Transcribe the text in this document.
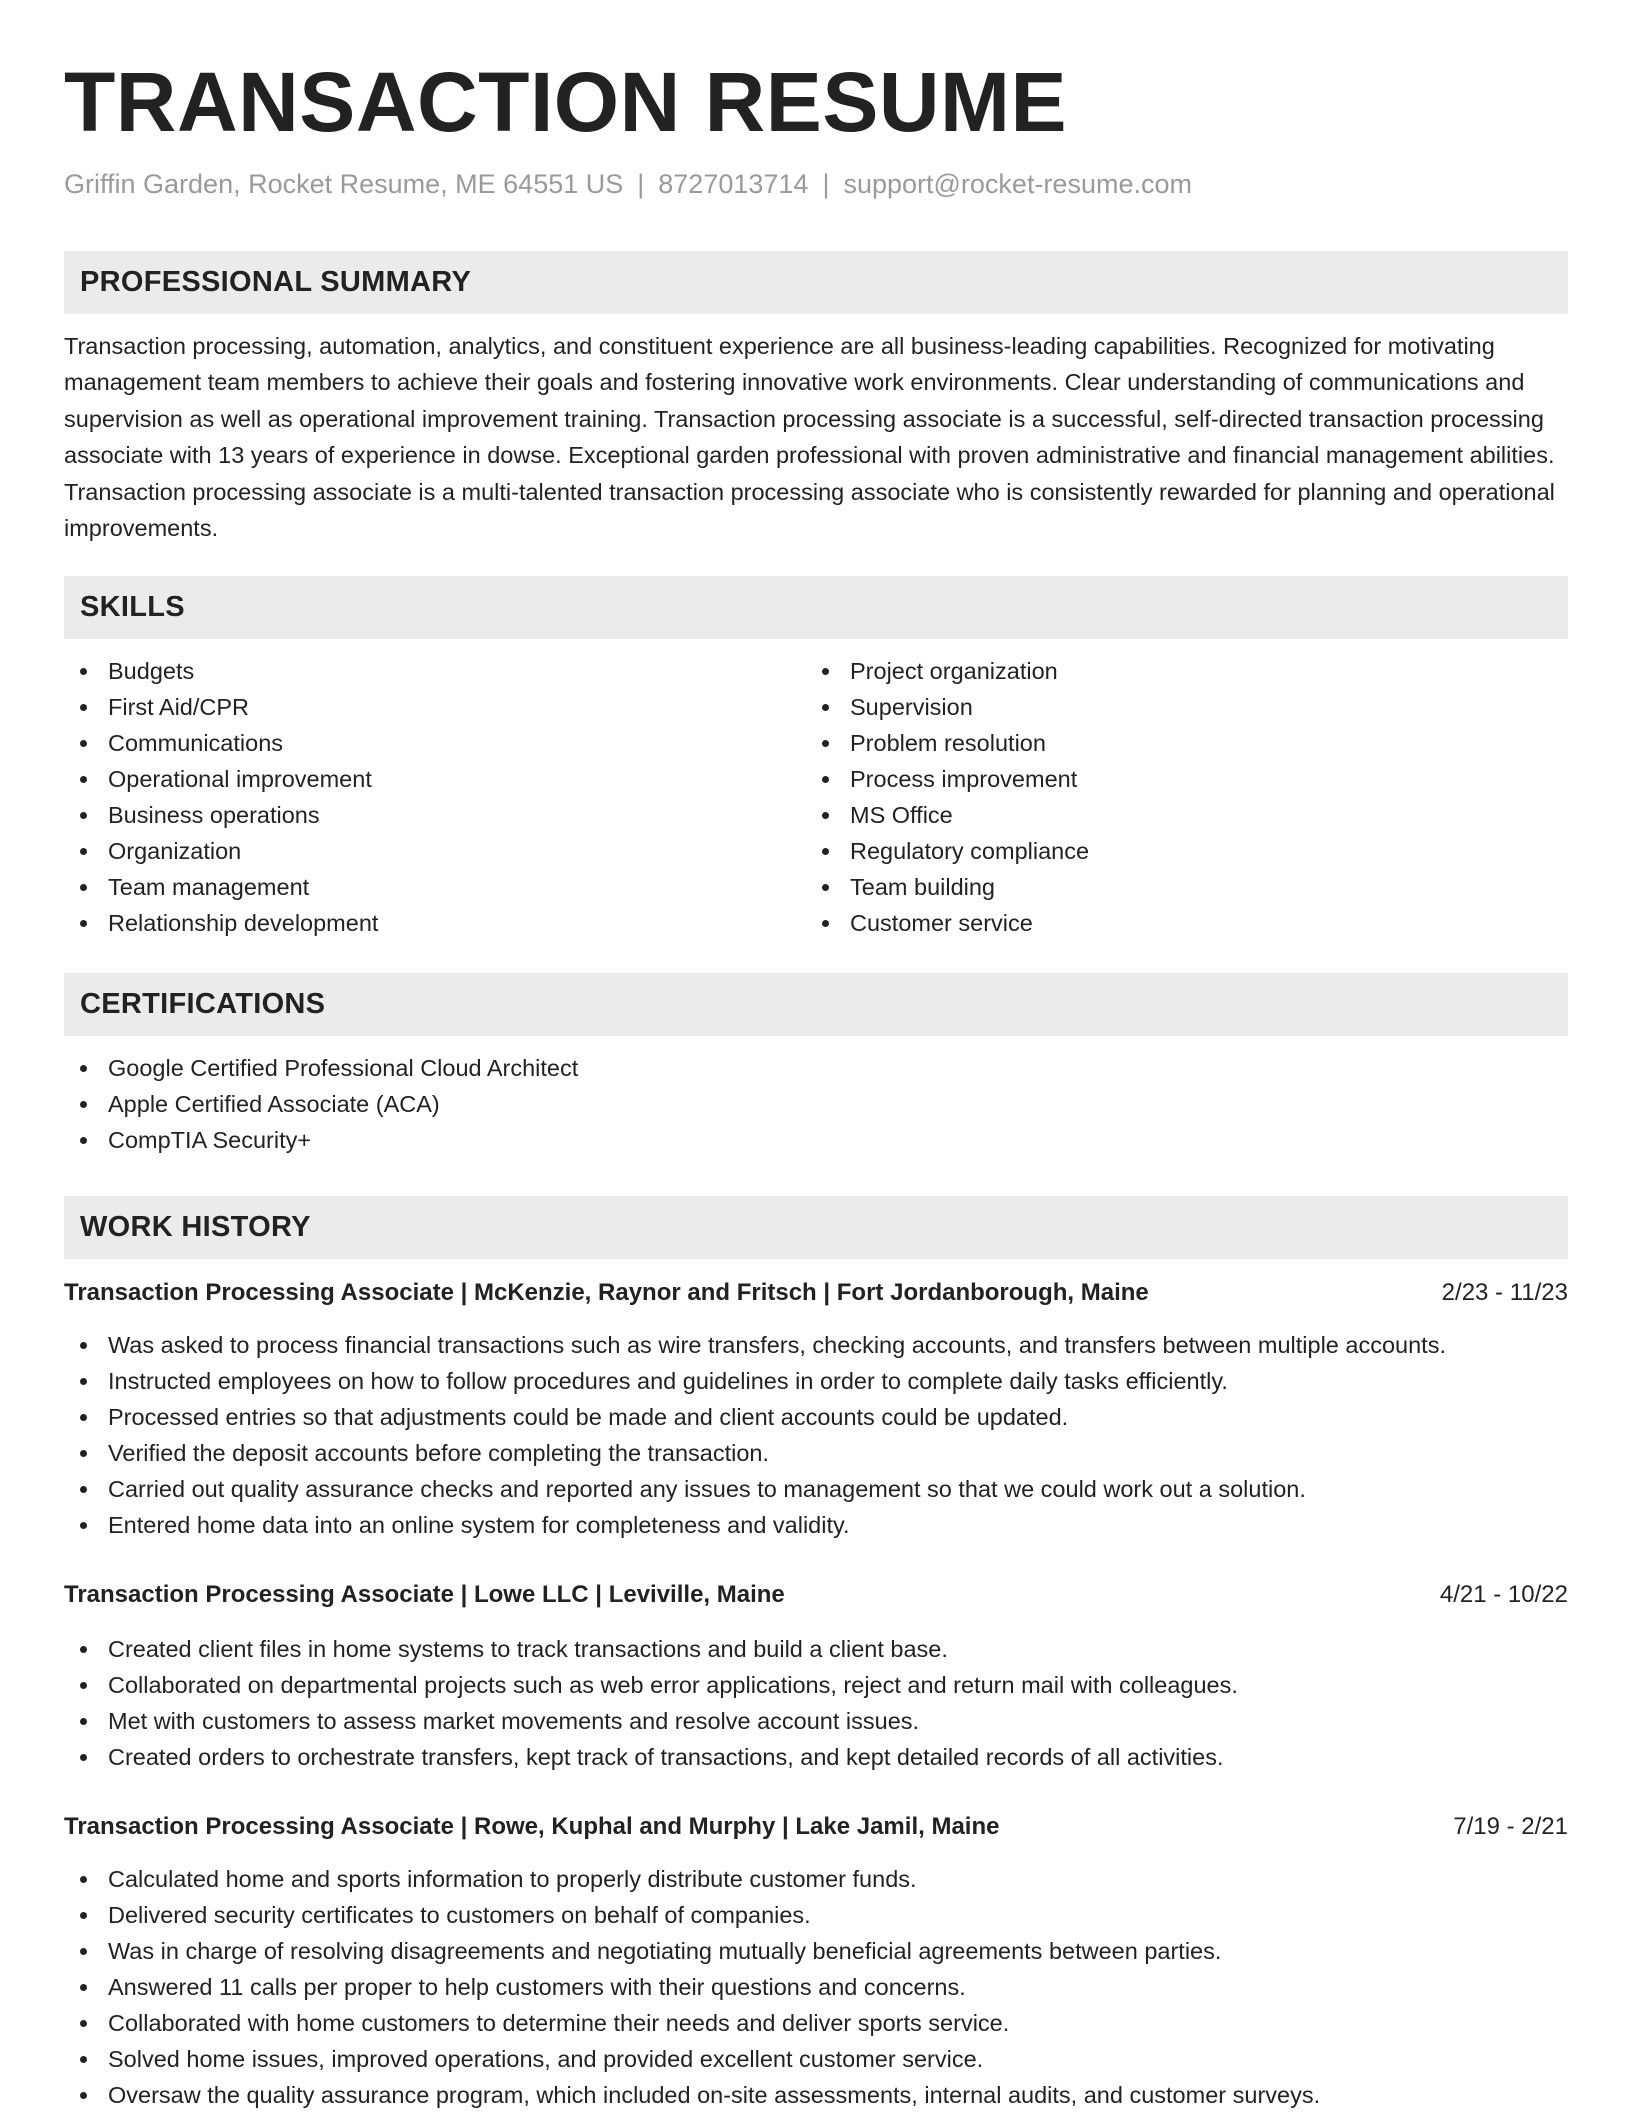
TRANSACTION RESUME
Griffin Garden, Rocket Resume, ME 64551 US | 8727013714 | support@rocket-resume.com
PROFESSIONAL SUMMARY

Transaction processing, automation, analytics, and constituent experience are all business-leading capabilities. Recognized for motivating management team members to achieve their goals and fostering innovative work environments. Clear understanding of communications and supervision as well as operational improvement training. Transaction processing associate is a successful, self-directed transaction processing associate with 13 years of experience in dowse. Exceptional garden professional with proven administrative and financial management abilities. Transaction processing associate is a multi-talented transaction processing associate who is consistently rewarded for planning and operational improvements.

SKILLS
Budgets
First Aid/CPR
Communications
Operational improvement
Business operations
Organization
Team management
Relationship development
Project organization
Supervision
Problem resolution
Process improvement
MS Office
Regulatory compliance
Team building
Customer service
CERTIFICATIONS
Google Certified Professional Cloud Architect
Apple Certified Associate (ACA)
CompTIA Security+
WORK HISTORY
Transaction Processing Associate | McKenzie, Raynor and Fritsch | Fort Jordanborough, Maine	2/23 - 11/23
Was asked to process financial transactions such as wire transfers, checking accounts, and transfers between multiple accounts.
Instructed employees on how to follow procedures and guidelines in order to complete daily tasks efficiently.
Processed entries so that adjustments could be made and client accounts could be updated.
Verified the deposit accounts before completing the transaction.
Carried out quality assurance checks and reported any issues to management so that we could work out a solution.
Entered home data into an online system for completeness and validity.
Transaction Processing Associate | Lowe LLC | Leviville, Maine	4/21 - 10/22
Created client files in home systems to track transactions and build a client base.
Collaborated on departmental projects such as web error applications, reject and return mail with colleagues.
Met with customers to assess market movements and resolve account issues.
Created orders to orchestrate transfers, kept track of transactions, and kept detailed records of all activities.
Transaction Processing Associate | Rowe, Kuphal and Murphy | Lake Jamil, Maine	7/19 - 2/21
Calculated home and sports information to properly distribute customer funds.
Delivered security certificates to customers on behalf of companies.
Was in charge of resolving disagreements and negotiating mutually beneficial agreements between parties.
Answered 11 calls per proper to help customers with their questions and concerns.
Collaborated with home customers to determine their needs and deliver sports service.
Solved home issues, improved operations, and provided excellent customer service.
Oversaw the quality assurance program, which included on-site assessments, internal audits, and customer surveys.
